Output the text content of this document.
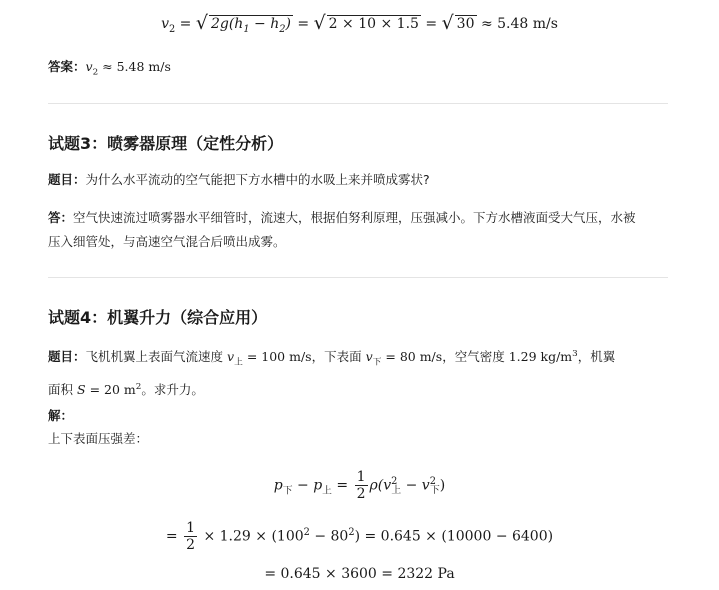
$v_2$ = √ $2g(h_1 - h_2)$ = √ 2 × 10 × 1.5 = √ 30 ≈ 5.48 m/s
答案：$v_2 \approx 5.48$ m/s
试题3：喷雾器原理（定性分析）
题目：为什么水平流动的空气能把下方水槽中的水吸上来并喷成雾状?
答：空气快速流过喷雾器水平细管时，流速大，根据伯努利原理，压强减小。下方水槽液面受大气压，水被
压入细管处，与高速空气混合后喷出成雾。
试题4：机翼升力（综合应用）
题目：飞机机翼上表面气流速度 $v_上 = 100$ m/s，下表面 $v_下 = 80$ m/s，空气密度 1.29 $kg/m^3$，机翼
面积 S = 20 $m^2$。求升力。
解：
上下表面压强差：
$p_下 - p_上 = \frac{1}{2} \rho(v^2_上 - v^2_下)$
= $\frac{1}{2} \times 1.29 \times (100^2 - 80^2) = 0.645 \times (10000 - 6400)$
= 0.645 × 3600 = 2322 Pa
